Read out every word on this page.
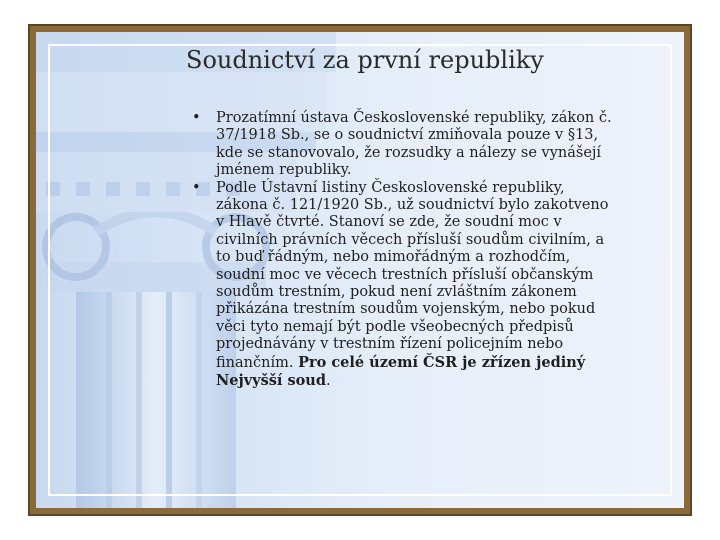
Soudnictví za první republiky
• Prozatímní ústava Československé republiky, zákon č. 37/1918 Sb., se o soudnictví zmiňovala pouze v §13, kde se stanovovalo, že rozsudky a nálezy se vynášejí jménem republiky.
• Podle Ústavní listiny Československé republiky, zákona č. 121/1920 Sb., už soudnictví bylo zakotveno v Hlavě čtvrté. Stanoví se zde, že soudní moc v civilních právních věcech přísluší soudům civilním, a to buď řádným, nebo mimořádným a rozhodčím, soudní moc ve věcech trestních přísluší občanským soudům trestním, pokud není zvláštním zákonem přikázána trestním soudům vojenským, nebo pokud věci tyto nemají být podle všeobecných předpisů projednávány v trestním řízení policejním nebo finančním. Pro celé území ČSR je zřízen jediný Nejvyšší soud.
